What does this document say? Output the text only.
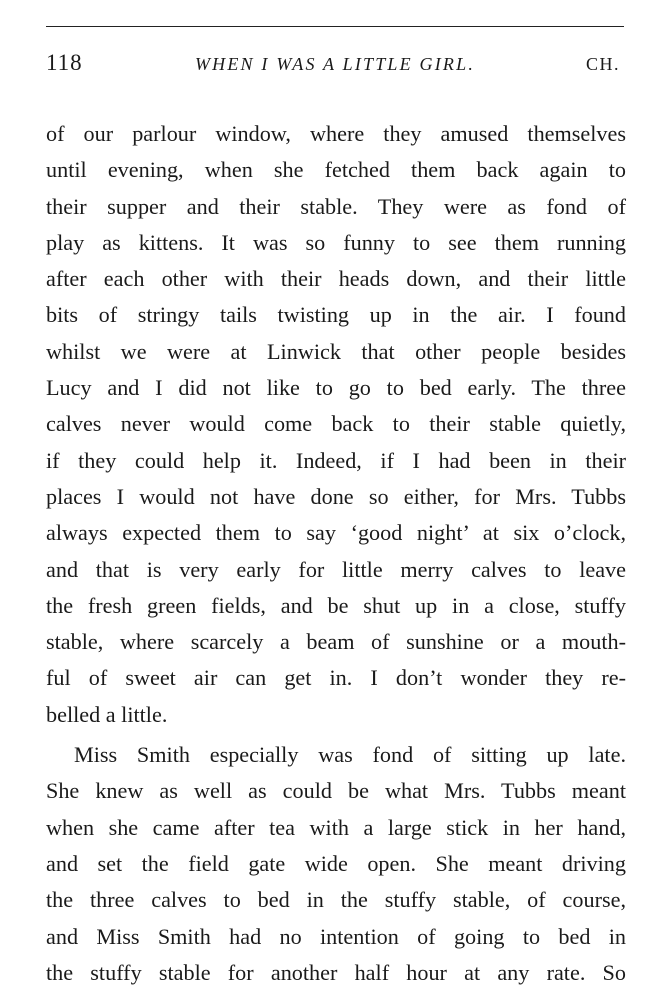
118	WHEN I WAS A LITTLE GIRL.	CH.
of our parlour window, where they amused themselves
until evening, when she fetched them back again to
their supper and their stable. They were as fond of
play as kittens. It was so funny to see them running
after each other with their heads down, and their little
bits of stringy tails twisting up in the air. I found
whilst we were at Linwick that other people besides
Lucy and I did not like to go to bed early. The three
calves never would come back to their stable quietly,
if they could help it. Indeed, if I had been in their
places I would not have done so either, for Mrs. Tubbs
always expected them to say ‘good night’ at six o’clock,
and that is very early for little merry calves to leave
the fresh green fields, and be shut up in a close, stuffy
stable, where scarcely a beam of sunshine or a mouth-
ful of sweet air can get in. I don’t wonder they re-
belled a little.
Miss Smith especially was fond of sitting up late.
She knew as well as could be what Mrs. Tubbs meant
when she came after tea with a large stick in her hand,
and set the field gate wide open. She meant driving
the three calves to bed in the stuffy stable, of course,
and Miss Smith had no intention of going to bed in
the stuffy stable for another half hour at any rate. So
